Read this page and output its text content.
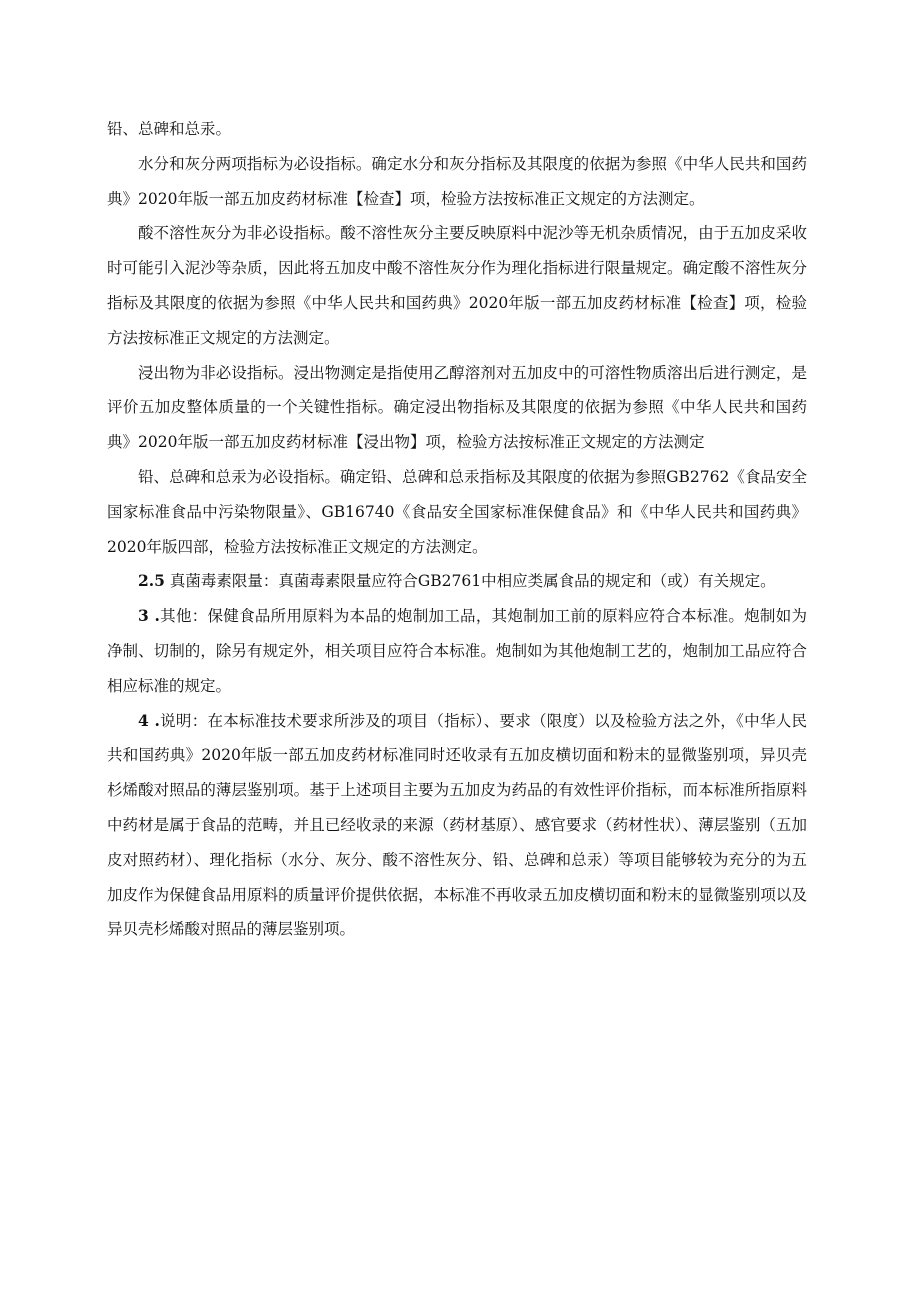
铅、总碑和总汞。

水分和灰分两项指标为必设指标。确定水分和灰分指标及其限度的依据为参照《中华人民共和国药典》2020年版一部五加皮药材标准【检查】项，检验方法按标准正文规定的方法测定。

酸不溶性灰分为非必设指标。酸不溶性灰分主要反映原料中泥沙等无机杂质情况，由于五加皮采收时可能引入泥沙等杂质，因此将五加皮中酸不溶性灰分作为理化指标进行限量规定。确定酸不溶性灰分指标及其限度的依据为参照《中华人民共和国药典》2020年版一部五加皮药材标准【检查】项，检验方法按标准正文规定的方法测定。

浸出物为非必设指标。浸出物测定是指使用乙醇溶剂对五加皮中的可溶性物质溶出后进行测定，是评价五加皮整体质量的一个关键性指标。确定浸出物指标及其限度的依据为参照《中华人民共和国药典》2020年版一部五加皮药材标准【浸出物】项，检验方法按标准正文规定的方法测定

铅、总碑和总汞为必设指标。确定铅、总碑和总汞指标及其限度的依据为参照GB2762《食品安全国家标准食品中污染物限量》、GB16740《食品安全国家标准保健食品》和《中华人民共和国药典》2020年版四部，检验方法按标准正文规定的方法测定。

2.5 真菌毒素限量：真菌毒素限量应符合GB2761中相应类属食品的规定和（或）有关规定。

3 .其他：保健食品所用原料为本品的炮制加工品，其炮制加工前的原料应符合本标准。炮制如为净制、切制的，除另有规定外，相关项目应符合本标准。炮制如为其他炮制工艺的，炮制加工品应符合相应标准的规定。

4 .说明：在本标准技术要求所涉及的项目（指标）、要求（限度）以及检验方法之外，《中华人民共和国药典》2020年版一部五加皮药材标准同时还收录有五加皮横切面和粉末的显微鉴别项，异贝壳杉烯酸对照品的薄层鉴别项。基于上述项目主要为五加皮为药品的有效性评价指标，而本标准所指原料中药材是属于食品的范畴，并且已经收录的来源（药材基原）、感官要求（药材性状）、薄层鉴别（五加皮对照药材）、理化指标（水分、灰分、酸不溶性灰分、铅、总碑和总汞）等项目能够较为充分的为五加皮作为保健食品用原料的质量评价提供依据，本标准不再收录五加皮横切面和粉末的显微鉴别项以及异贝壳杉烯酸对照品的薄层鉴别项。
